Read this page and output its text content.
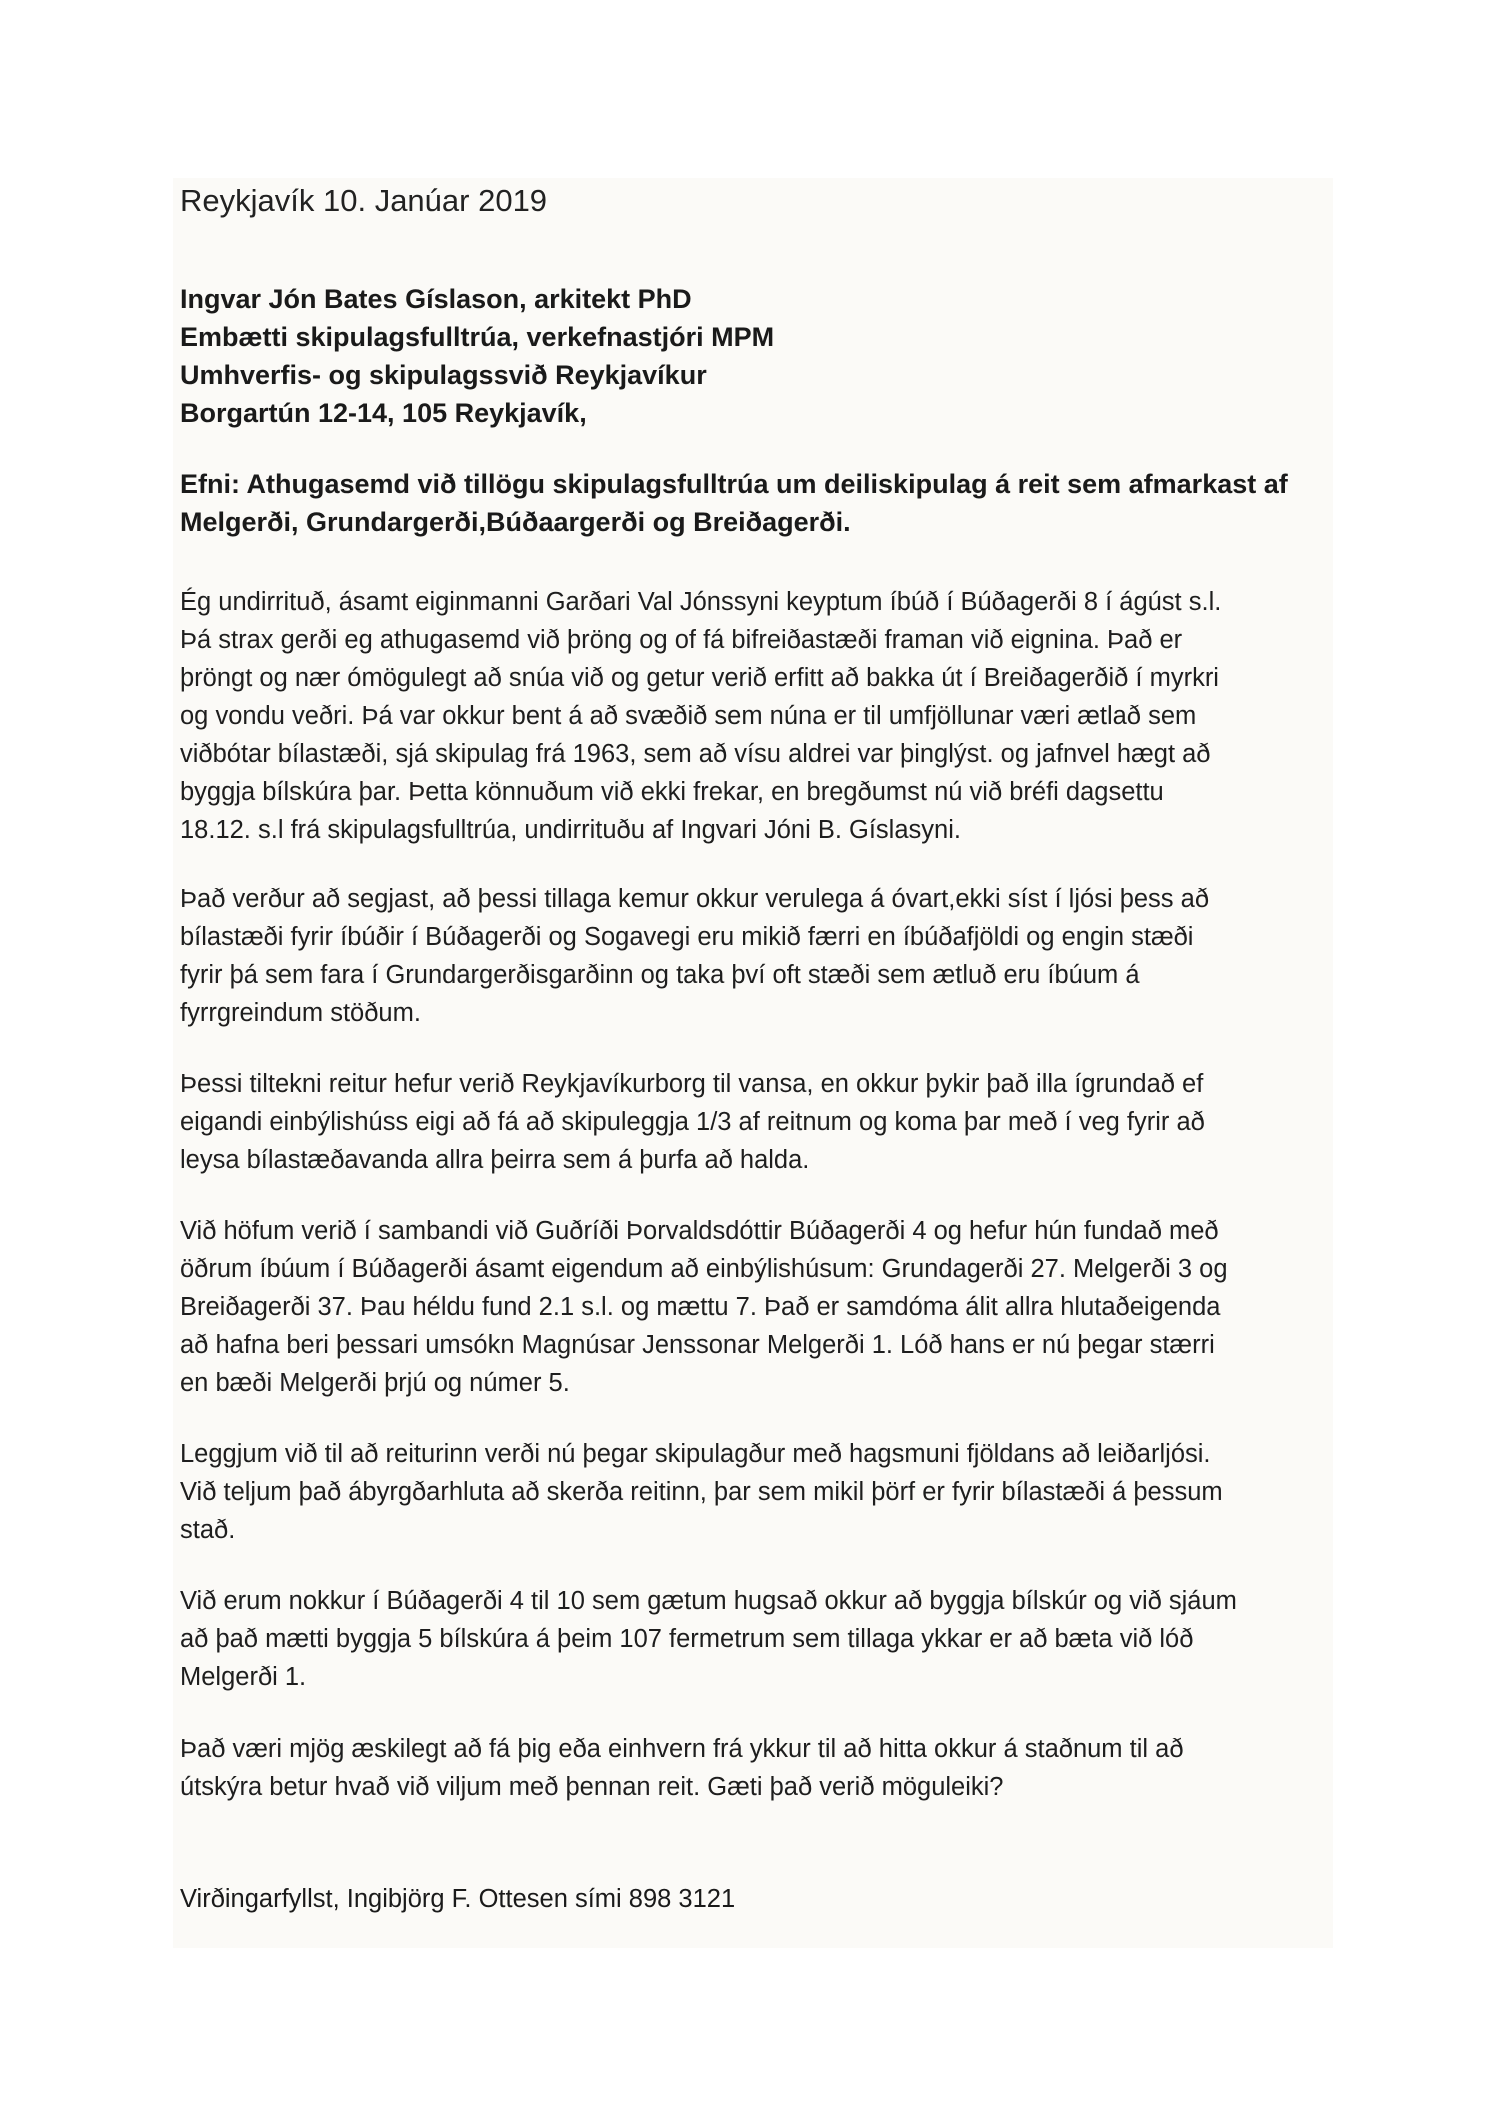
Reykjavík 10. Janúar 2019
Ingvar Jón Bates Gíslason, arkitekt PhD
Embætti skipulagsfulltrúa, verkefnastjóri MPM
Umhverfis- og skipulagssvið Reykjavíkur
Borgartún 12-14, 105 Reykjavík,
Efni: Athugasemd við tillögu skipulagsfulltrúa um deiliskipulag á reit sem afmarkast af
Melgerði, Grundargerði,Búðaargerði og Breiðagerði.
Ég undirrituð, ásamt eiginmanni Garðari Val Jónssyni keyptum íbúð í Búðagerði 8 í ágúst s.l.
Þá strax gerði eg athugasemd við þröng og of fá bifreiðastæði framan við eignina. Það er
þröngt og nær ómögulegt að snúa við og getur verið erfitt að bakka út í Breiðagerðið í myrkri
og vondu veðri. Þá var okkur bent á að svæðið sem núna er til umfjöllunar væri ætlað sem
viðbótar bílastæði, sjá skipulag frá 1963, sem að vísu aldrei var þinglýst. og jafnvel hægt að
byggja bílskúra þar. Þetta könnuðum við ekki frekar, en bregðumst nú við bréfi dagsettu
18.12. s.l frá skipulagsfulltrúa, undirrituðu af Ingvari Jóni B. Gíslasyni.
Það verður að segjast, að þessi tillaga kemur okkur verulega á óvart,ekki síst í ljósi þess að
bílastæði fyrir íbúðir í Búðagerði og Sogavegi eru mikið færri en íbúðafjöldi og engin stæði
fyrir þá sem fara í Grundargerðisgarðinn og taka því oft stæði sem ætluð eru íbúum á
fyrrgreindum stöðum.
Þessi tiltekni reitur hefur verið Reykjavíkurborg til vansa, en okkur þykir það illa ígrundað ef
eigandi einbýlishúss eigi að fá að skipuleggja 1/3 af reitnum og koma þar með í veg fyrir að
leysa bílastæðavanda allra þeirra sem á þurfa að halda.
Við höfum verið í sambandi við Guðríði Þorvaldsdóttir Búðagerði 4 og hefur hún fundað með
öðrum íbúum í Búðagerði ásamt eigendum að einbýlishúsum: Grundagerði 27. Melgerði 3 og
Breiðagerði 37. Þau héldu fund 2.1 s.l. og mættu 7. Það er samdóma álit allra hlutaðeigenda
að hafna beri þessari umsókn Magnúsar Jenssonar Melgerði 1. Lóð hans er nú þegar stærri
en bæði Melgerði þrjú og númer 5.
Leggjum við til að reiturinn verði nú þegar skipulagður með hagsmuni fjöldans að leiðarljósi.
Við teljum það ábyrgðarhluta að skerða reitinn, þar sem mikil þörf er fyrir bílastæði á þessum
stað.
Við erum nokkur í Búðagerði 4 til 10 sem gætum hugsað okkur að byggja bílskúr og við sjáum
að það mætti byggja 5 bílskúra á þeim 107 fermetrum sem tillaga ykkar er að bæta við lóð
Melgerði 1.
Það væri mjög æskilegt að fá þig eða einhvern frá ykkur til að hitta okkur á staðnum til að
útskýra betur hvað við viljum með þennan reit. Gæti það verið möguleiki?
Virðingarfyllst, Ingibjörg F. Ottesen sími 898 3121
